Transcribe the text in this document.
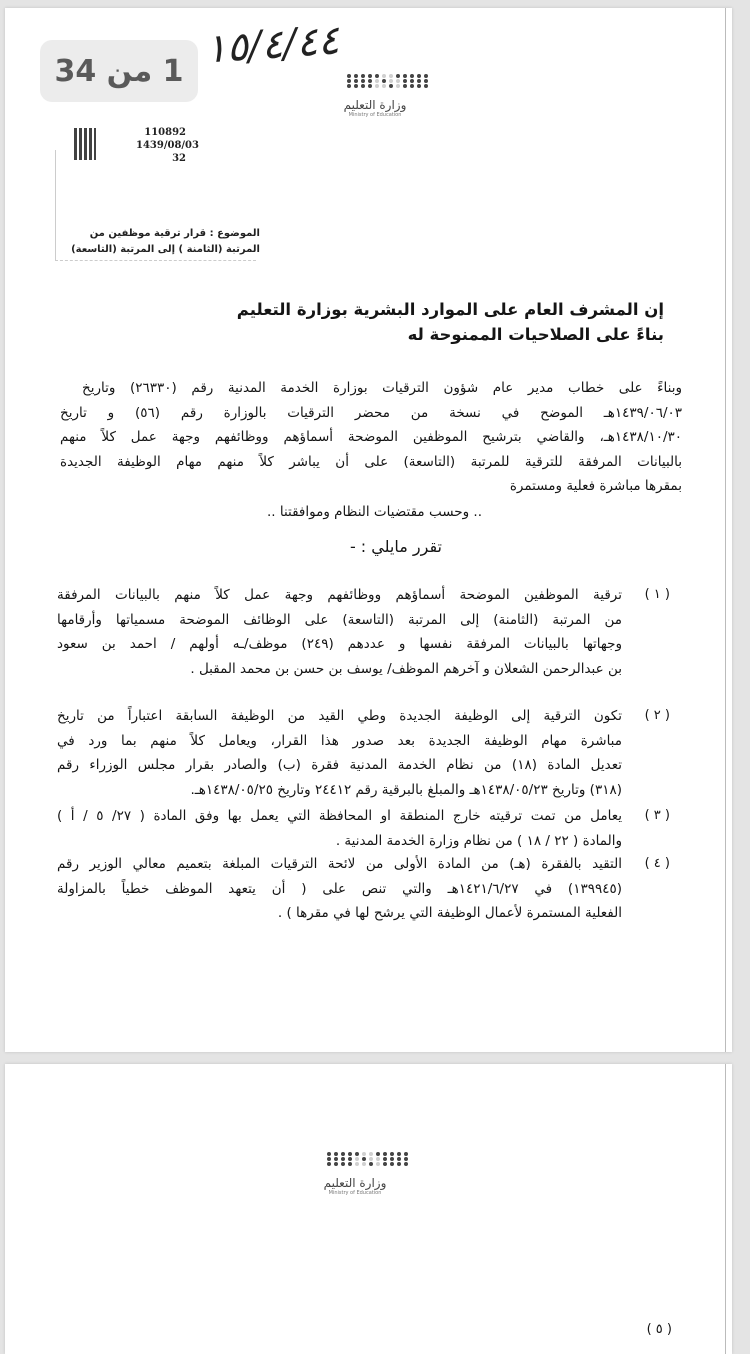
1 من 34 ١٥/٤/٤٤
وزارة التعليم
Ministry of Education
110892
1439/08/03
32
الموضوع : قرار ترقية موظفين من
المرتبة (الثامنة ) إلى المرتبة (التاسعة)
إن المشرف العام على الموارد البشرية بوزارة التعليم
بناءً على الصلاحيات الممنوحة له
وبناءً على خطاب مدير عام شؤون الترقيات بوزارة الخدمة المدنية رقم (٢٦٣٣٠) وتاريخ
١٤٣٩/٠٦/٠٣هـ الموضح في نسخة من محضر الترقيات بالوزارة رقم (٥٦) و تاريخ
١٤٣٨/١٠/٣٠هـ، والقاضي بترشيح الموظفين الموضحة أسماؤهم ووظائفهم وجهة عمل كلاً منهم
بالبيانات المرفقة للترقية للمرتبة (التاسعة) على أن يباشر كلاً منهم مهام الوظيفة الجديدة
بمقرها مباشرة فعلية ومستمرة
.. وحسب مقتضيات النظام وموافقتنا ..
تقرر مايلي : -
( ١ )
ترقية الموظفين الموضحة أسماؤهم ووظائفهم وجهة عمل كلاً منهم بالبيانات المرفقة
من المرتبة (الثامنة) إلى المرتبة (التاسعة) على الوظائف الموضحة مسمياتها وأرقامها
وجهاتها بالبيانات المرفقة نفسها و عددهم (٢٤٩) موظف/ـه أولهم / احمد بن سعود
بن عبدالرحمن الشعلان و آخرهم الموظف/ يوسف بن حسن بن محمد المقبل .
( ٢ )
تكون الترقية إلى الوظيفة الجديدة وطي القيد من الوظيفة السابقة اعتباراً من تاريخ
مباشرة مهام الوظيفة الجديدة بعد صدور هذا القرار، ويعامل كلاً منهم بما ورد في
تعديل المادة (١٨) من نظام الخدمة المدنية فقرة (ب) والصادر بقرار مجلس الوزراء رقم
(٣١٨) وتاريخ ١٤٣٨/٠٥/٢٣هـ والمبلغ بالبرقية رقم ٢٤٤١٢ وتاريخ ١٤٣٨/٠٥/٢٥هـ.
( ٣ )
يعامل من تمت ترقيته خارج المنطقة او المحافظة التي يعمل بها وفق المادة ( ٢٧/ ٥ / أ )
والمادة ( ٢٢ / ١٨ ) من نظام وزارة الخدمة المدنية .
( ٤ )
التقيد بالفقرة (هـ) من المادة الأولى من لائحة الترقيات المبلغة بتعميم معالي الوزير رقم
(١٣٩٩٤٥) في ١٤٢١/٦/٢٧هـ والتي تنص على ( أن يتعهد الموظف خطياً بالمزاولة
الفعلية المستمرة لأعمال الوظيفة التي يرشح لها في مقرها ) .
وزارة التعليم
Ministry of Education
( ٥ )
